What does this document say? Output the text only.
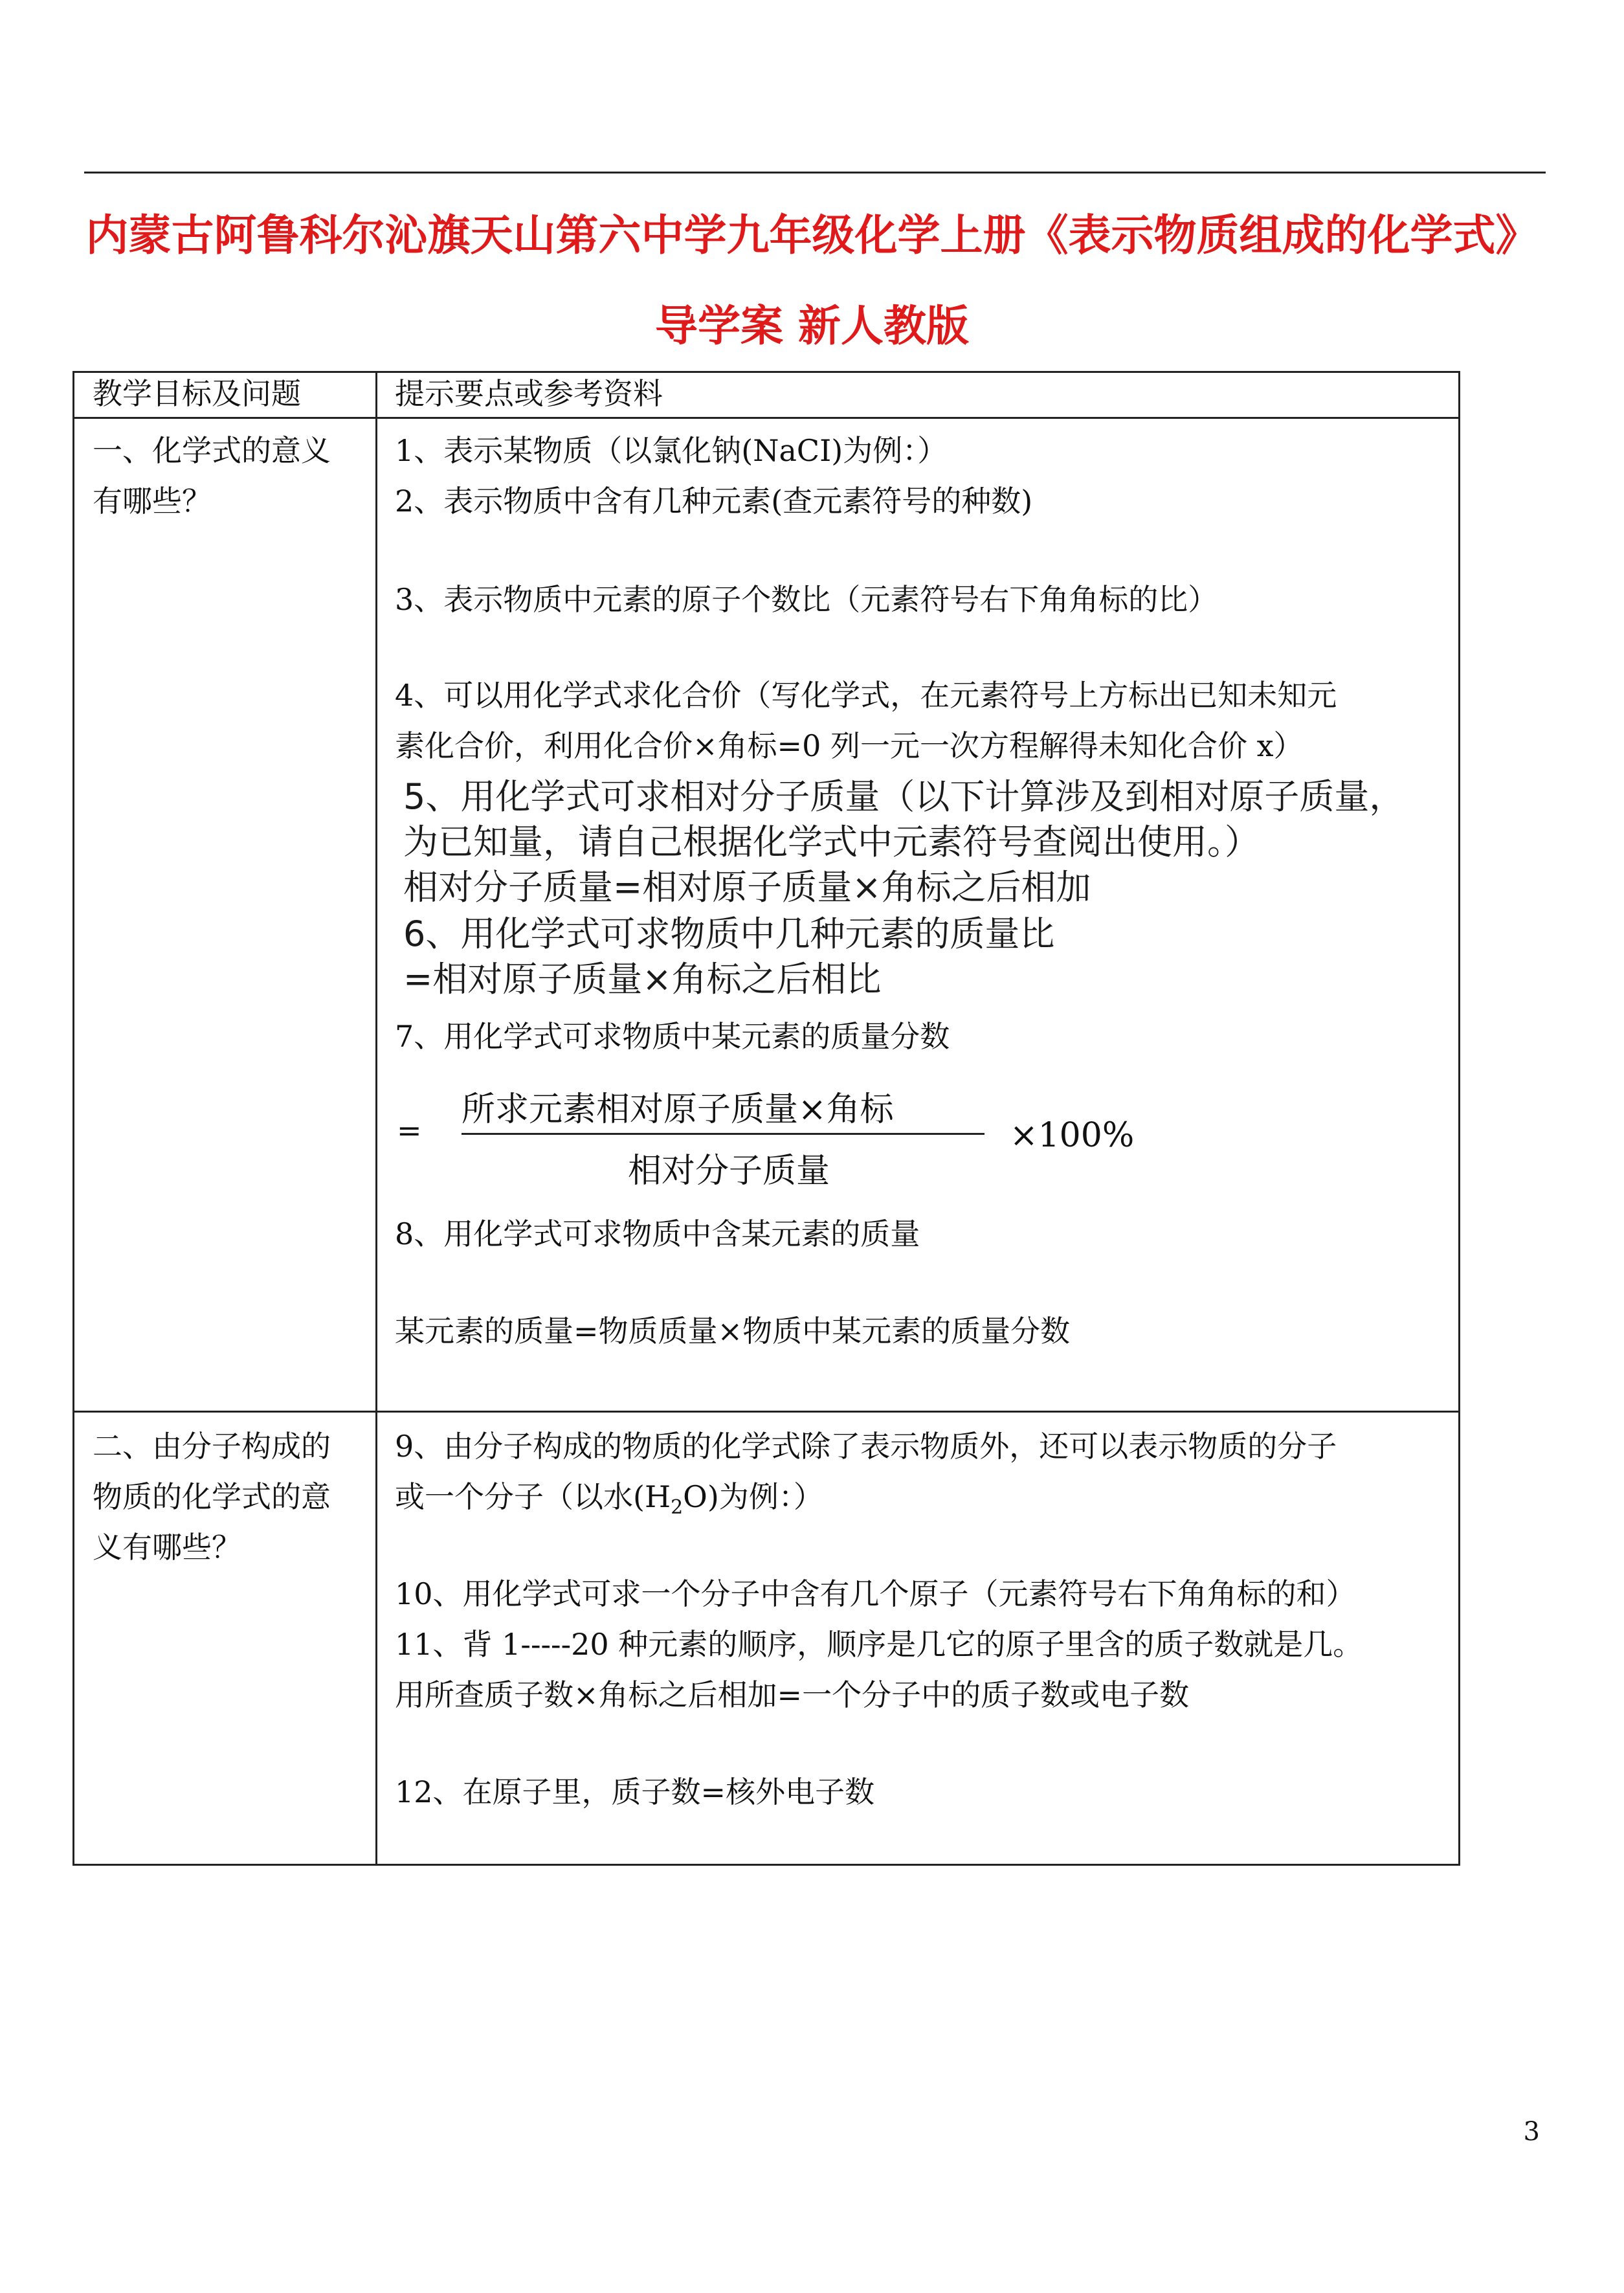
内蒙古阿鲁科尔沁旗天山第六中学九年级化学上册《表示物质组成的化学式》
导学案 新人教版
教学目标及问题	提示要点或参考资料
一、化学式的意义
有哪些？
1、表示某物质（以氯化钠(NaCI)为例：）
2、表示物质中含有几种元素(查元素符号的种数)
3、表示物质中元素的原子个数比（元素符号右下角角标的比）
4、可以用化学式求化合价（写化学式，在元素符号上方标出已知未知元
素化合价，利用化合价×角标=0 列一元一次方程解得未知化合价 x）
5、用化学式可求相对分子质量（以下计算涉及到相对原子质量，
为已知量，请自己根据化学式中元素符号查阅出使用。）
相对分子质量=相对原子质量×角标之后相加
6、用化学式可求物质中几种元素的质量比
=相对原子质量×角标之后相比
7、用化学式可求物质中某元素的质量分数
=
所求元素相对原子质量×角标
相对分子质量
×100%
8、用化学式可求物质中含某元素的质量
某元素的质量=物质质量×物质中某元素的质量分数
二、由分子构成的
物质的化学式的意
义有哪些？
9、由分子构成的物质的化学式除了表示物质外，还可以表示物质的分子
或一个分子（以水$(H_2O)$为例：）
10、用化学式可求一个分子中含有几个原子（元素符号右下角角标的和）
11、背 1-----20 种元素的顺序，顺序是几它的原子里含的质子数就是几。
用所查质子数×角标之后相加=一个分子中的质子数或电子数
12、在原子里，质子数=核外电子数
3
